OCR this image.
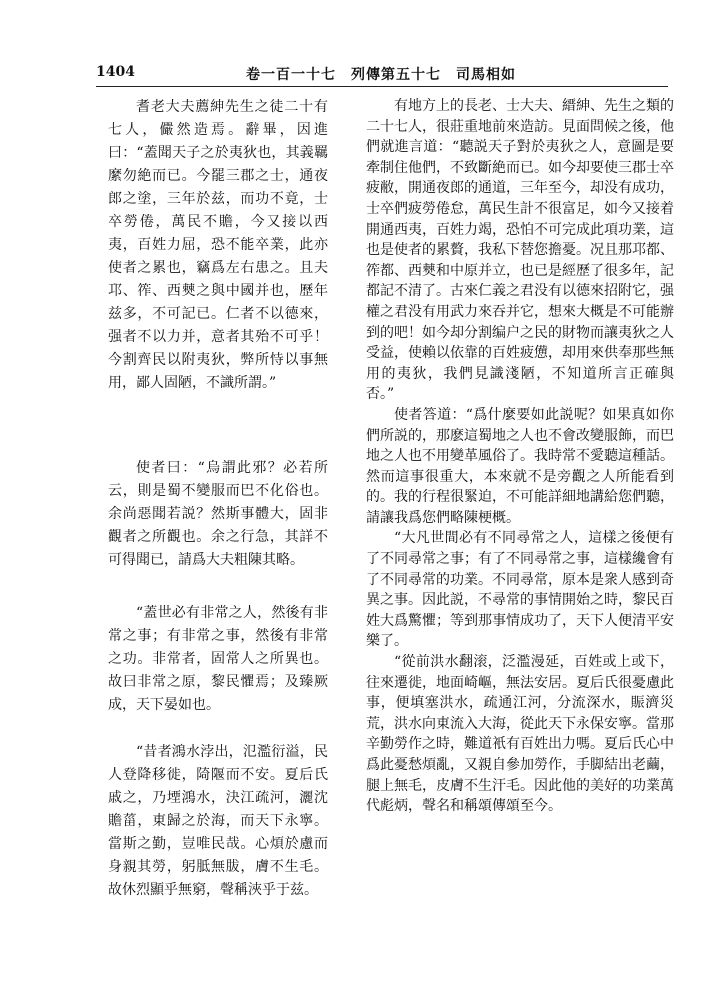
1404	卷一百一十七　列傳第五十七　司馬相如

耆老大夫薦紳先生之徒二十有七人，儼然造焉。辭畢，因進曰：“蓋聞天子之於夷狄也，其義羈縻勿絶而已。今罷三郡之士，通夜郎之塗，三年於兹，而功不竟，士卒勞倦，萬民不贍，今又接以西夷，百姓力屈，恐不能卒業，此亦使者之累也，竊爲左右患之。且夫邛、筰、西僰之與中國并也，歷年兹多，不可記已。仁者不以德來，强者不以力并，意者其殆不可乎！今割齊民以附夷狄，弊所恃以事無用，鄙人固陋，不識所謂。”

使者曰：“烏謂此邪？必若所云，則是蜀不變服而巴不化俗也。余尚惡聞若説？然斯事體大，固非觀者之所觀也。余之行急，其詳不可得聞已，請爲大夫粗陳其略。

“蓋世必有非常之人，然後有非常之事；有非常之事，然後有非常之功。非常者，固常人之所異也。故曰非常之原，黎民懼焉；及臻厥成，天下晏如也。

“昔者鴻水浡出，氾濫衍溢，民人登降移徙，陭隁而不安。夏后氏戚之，乃堙鴻水，決江疏河，灑沈贍菑，東歸之於海，而天下永寧。當斯之勤，豈唯民哉。心煩於慮而身親其勞，躬胝無胈，膚不生毛。故休烈顯乎無窮，聲稱浹乎于兹。

有地方上的長老、士大夫、縉紳、先生之類的二十七人，很莊重地前來造訪。見面問候之後，他們就進言道：“聽説天子對於夷狄之人，意圖是要牽制住他們，不致斷絶而已。如今却要使三郡士卒疲敝，開通夜郎的通道，三年至今，却没有成功，士卒們疲勞倦怠，萬民生計不很富足，如今又接着開通西夷，百姓力竭，恐怕不可完成此項功業，這也是使者的累贅，我私下替您擔憂。况且那邛都、筰都、西僰和中原并立，也已是經歷了很多年，記都記不清了。古來仁義之君没有以德來招附它，强權之君没有用武力來吞并它，想來大概是不可能辦到的吧！如今却分割编户之民的財物而讓夷狄之人受益，使賴以依靠的百姓疲憊，却用來供奉那些無用的夷狄，我們見識淺陋，不知道所言正確與否。”

使者答道：“爲什麼要如此説呢？如果真如你們所説的，那麽這蜀地之人也不會改變服飾，而巴地之人也不用變革風俗了。我時常不愛聽這種話。然而這事很重大，本來就不是旁觀之人所能看到的。我的行程很緊迫，不可能詳細地講給您們聽，請讓我爲您們略陳梗概。

“大凡世間必有不同尋常之人，這樣之後便有了不同尋常之事；有了不同尋常之事，這樣纔會有了不同尋常的功業。不同尋常，原本是衆人感到奇異之事。因此説，不尋常的事情開始之時，黎民百姓大爲驚懼；等到那事情成功了，天下人便清平安樂了。

“從前洪水翻滚，泛濫漫延，百姓或上或下，往來遷徙，地面崎嶇，無法安居。夏后氏很憂慮此事，便填塞洪水，疏通江河，分流深水，賑濟災荒，洪水向東流入大海，從此天下永保安寧。當那辛勤勞作之時，難道衹有百姓出力嗎。夏后氏心中爲此憂愁煩亂，又親自參加勞作，手脚結出老繭，腿上無毛，皮膚不生汗毛。因此他的美好的功業萬代彪炳，聲名和稱頌傳頌至今。
